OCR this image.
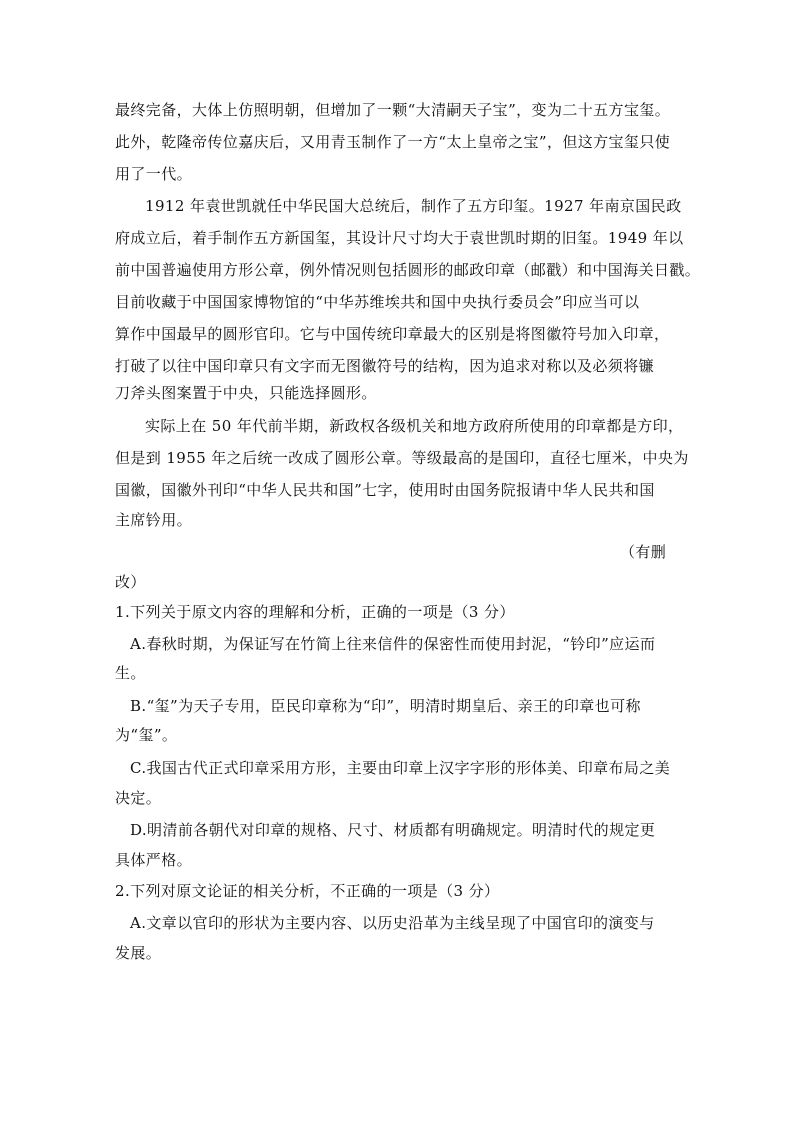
最终完备，大体上仿照明朝，但增加了一颗“大清嗣天子宝”，变为二十五方宝玺。
此外，乾隆帝传位嘉庆后，又用青玉制作了一方“太上皇帝之宝”，但这方宝玺只使
用了一代。
1912 年袁世凯就任中华民国大总统后，制作了五方印玺。1927 年南京国民政
府成立后，着手制作五方新国玺，其设计尺寸均大于袁世凯时期的旧玺。1949 年以
前中国普遍使用方形公章，例外情况则包括圆形的邮政印章（邮戳）和中国海关日戳。
目前收藏于中国国家博物馆的“中华苏维埃共和国中央执行委员会”印应当可以
算作中国最早的圆形官印。它与中国传统印章最大的区别是将图徽符号加入印章，
打破了以往中国印章只有文字而无图徽符号的结构，因为追求对称以及必须将镰
刀斧头图案置于中央，只能选择圆形。
实际上在 50 年代前半期，新政权各级机关和地方政府所使用的印章都是方印，
但是到 1955 年之后统一改成了圆形公章。等级最高的是国印，直径七厘米，中央为
国徽，国徽外刊印“中华人民共和国”七字，使用时由国务院报请中华人民共和国
主席钤用。
（有删
改）
1.下列关于原文内容的理解和分析，正确的一项是（3 分）
A.春秋时期，为保证写在竹简上往来信件的保密性而使用封泥，“钤印”应运而
生。
B.“玺”为天子专用，臣民印章称为“印”，明清时期皇后、亲王的印章也可称
为“玺”。
C.我国古代正式印章采用方形，主要由印章上汉字字形的形体美、印章布局之美
决定。
D.明清前各朝代对印章的规格、尺寸、材质都有明确规定。明清时代的规定更
具体严格。
2.下列对原文论证的相关分析，不正确的一项是（3 分）
A.文章以官印的形状为主要内容、以历史沿革为主线呈现了中国官印的演变与
发展。
